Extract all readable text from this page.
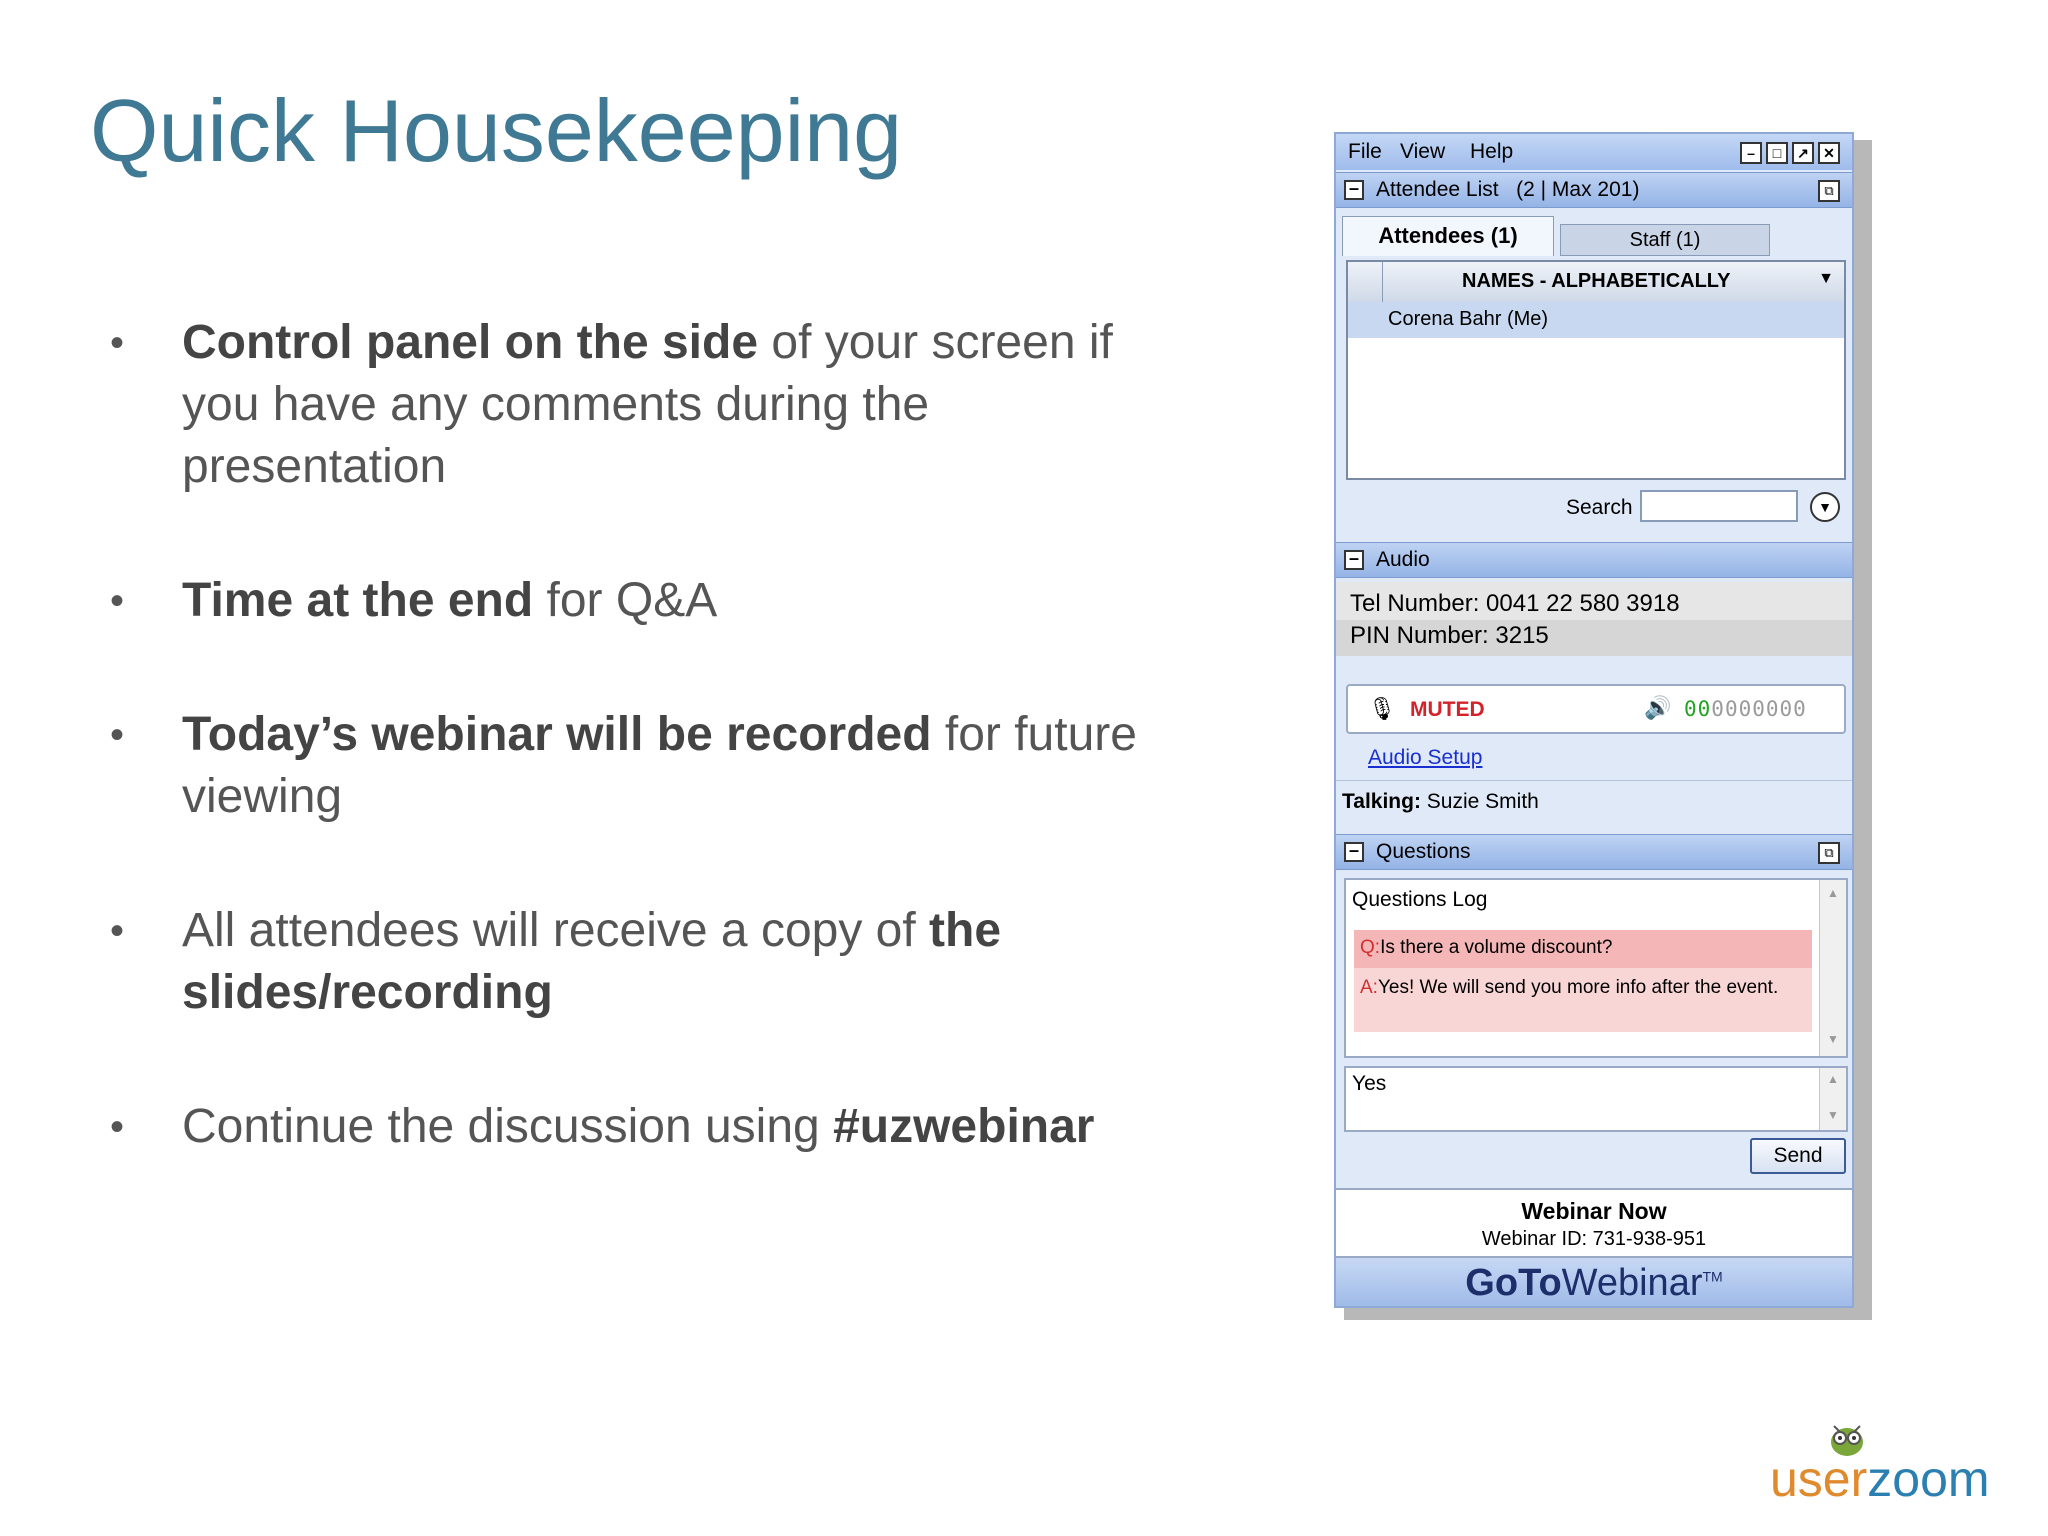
Quick Housekeeping
•	Control panel on the side of your screen if you have any comments during the presentation
•	Time at the end for Q&A
•	Today’s webinar will be recorded for future viewing
•	All attendees will receive a copy of the slides/recording
•	Continue the discussion using #uzwebinar
File View Help	–	□	↗	✕
– Attendee List (2 | Max 201)	⧉
Attendees (1)	Staff (1)
NAMES - ALPHABETICALLY	▼
Corena Bahr (Me)
Search	▼
– Audio
Tel Number: 0041 22 580 3918
PIN Number: 3215
🎙 MUTED	🔊 000000000
Audio Setup
Talking: Suzie Smith
– Questions	⧉
Questions Log
Q:Is there a volume discount?
A:Yes! We will send you more info after the event.
▲
▼
Yes	▲
▼
Send
Webinar Now
Webinar ID: 731-938-951
GoToWebinar™
userzoom
